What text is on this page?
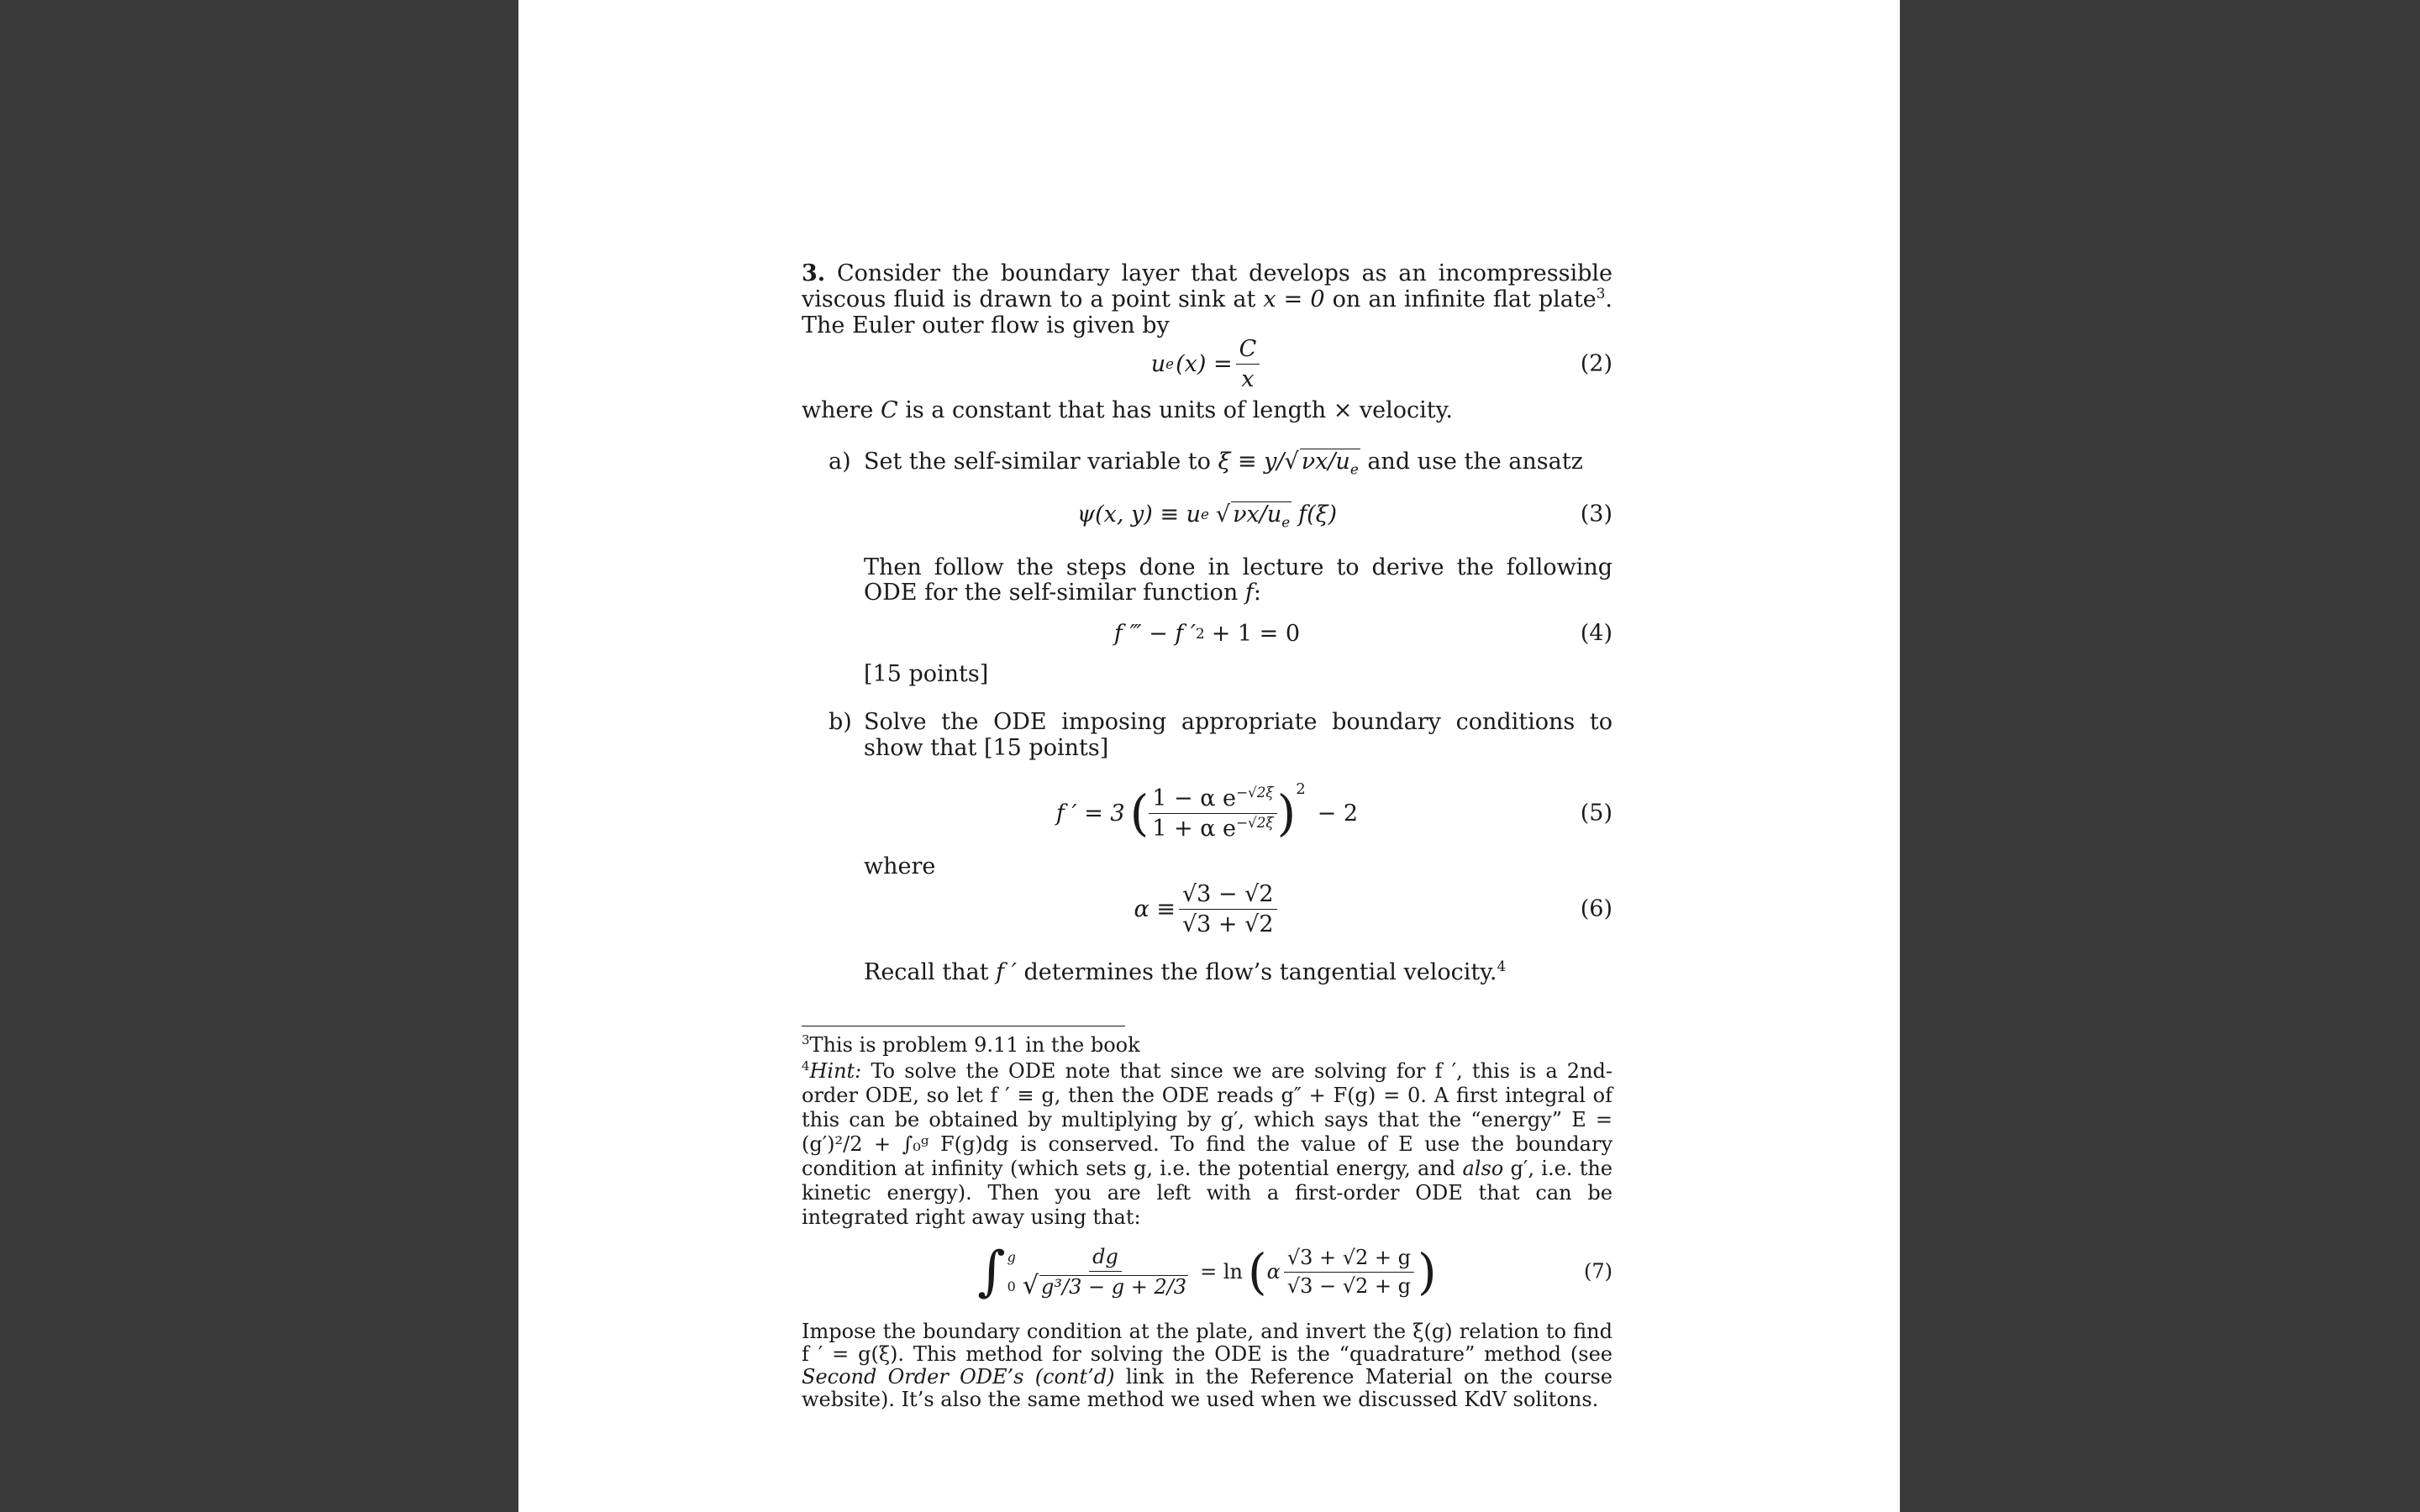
3. Consider the boundary layer that develops as an incompressible viscous fluid is drawn to a point sink at x = 0 on an infinite flat plate$^3$. The Euler outer flow is given by

u e $(x) = \frac{C}{x}$	(2)

where C is a constant that has units of length × velocity.

a) Set the self-similar variable to ξ ≡ y/√ $\nu x/u_e$ and use the ansatz

ψ(x, y) ≡ u e √ $\nu x/u_e$ f(ξ)	(3)

Then follow the steps done in lecture to derive the following ODE for the self-similar function f:

f ‴ − f ′ 2 + 1 = 0	(4)

[15 points]

b) Solve the ODE imposing appropriate boundary conditions to show that [15 points]

f ′ = 3 ( $\frac{1 - \alpha e^{-√2\xi}}{1 + \alpha e^{-√2\xi}} )^2$
− 2	(5)

where

$\alpha \equiv \frac{√3 - √2}{√3 + √2}$	(6)

Recall that f ′ determines the flow’s tangential velocity.$^4$

$^3$This is problem 9.11 in the book

$^4$Hint: To solve the ODE note that since we are solving for f ′, this is a 2nd-order ODE, so let f ′ ≡ g, then the ODE reads g″ + F(g) = 0. A first integral of this can be obtained by multiplying by g′, which says that the “energy” E = (g′)²/2 + ∫₀ᵍ F(g)dg is conserved. To find the value of E use the boundary condition at infinity (which sets g, i.e. the potential energy, and also g′, i.e. the kinetic energy). Then you are left with a first-order ODE that can be integrated right away using that:

∫ g
$0 \frac{dg}{\text{√ g³/3 − g + 2/3}} = \ln$ ( α $\frac{√3 + √2 + g}{√3 - √2 + g}$ )	(7)

Impose the boundary condition at the plate, and invert the ξ(g) relation to find f ′ = g(ξ). This method for solving the ODE is the “quadrature” method (see Second Order ODE’s (cont’d) link in the Reference Material on the course website). It’s also the same method we used when we discussed KdV solitons.
